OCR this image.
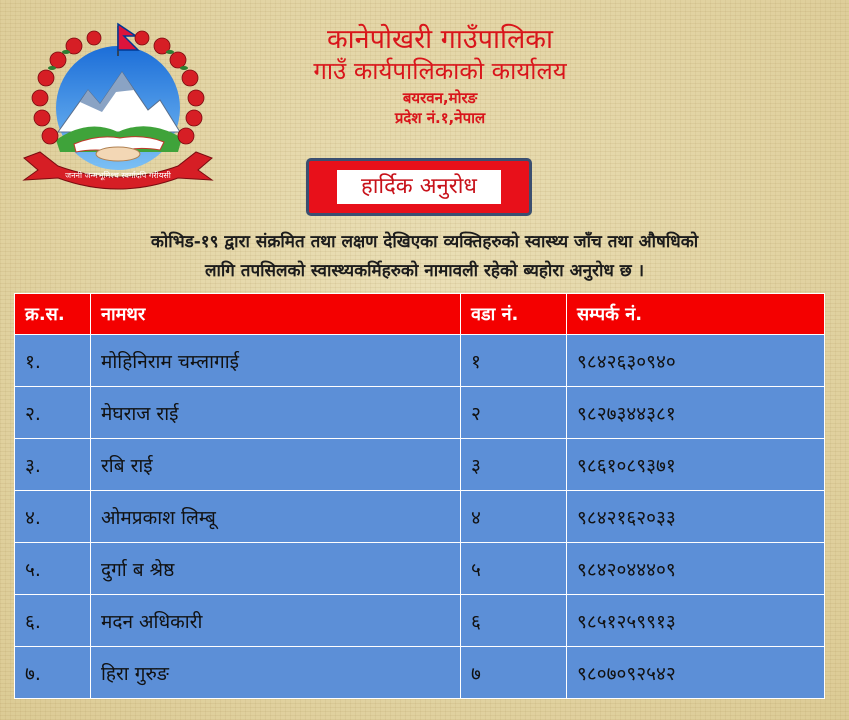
जननी जन्मभूमिश्च स्वर्गादपि गरीयसी
कानेपोखरी गाउँपालिका
गाउँ कार्यपालिकाको कार्यालय
बयरवन,मोरङ
प्रदेश नं.१,नेपाल
हार्दिक अनुरोध
कोभिड-१९ द्वारा संक्रमित तथा लक्षण देखिएका व्यक्तिहरुको स्वास्थ्य जाँच तथा औषधिको
लागि तपसिलको स्वास्थ्यकर्मिहरुको नामावली रहेको ब्यहोरा अनुरोध छ ।
क्र.स.	नामथर	वडा नं.	सम्पर्क नं.
१.	मोहिनिराम चम्लागाई	१	९८४२६३०९४०
२.	मेघराज राई	२	९८२७३४४३८१
३.	रबि राई	३	९८६१०८९३७१
४.	ओमप्रकाश लिम्बू	४	९८४२१६२०३३
५.	दुर्गा ब श्रेष्ठ	५	९८४२०४४४०९
६.	मदन अधिकारी	६	९८५१२५९९१३
७.	हिरा गुरुङ	७	९८०७०९२५४२
